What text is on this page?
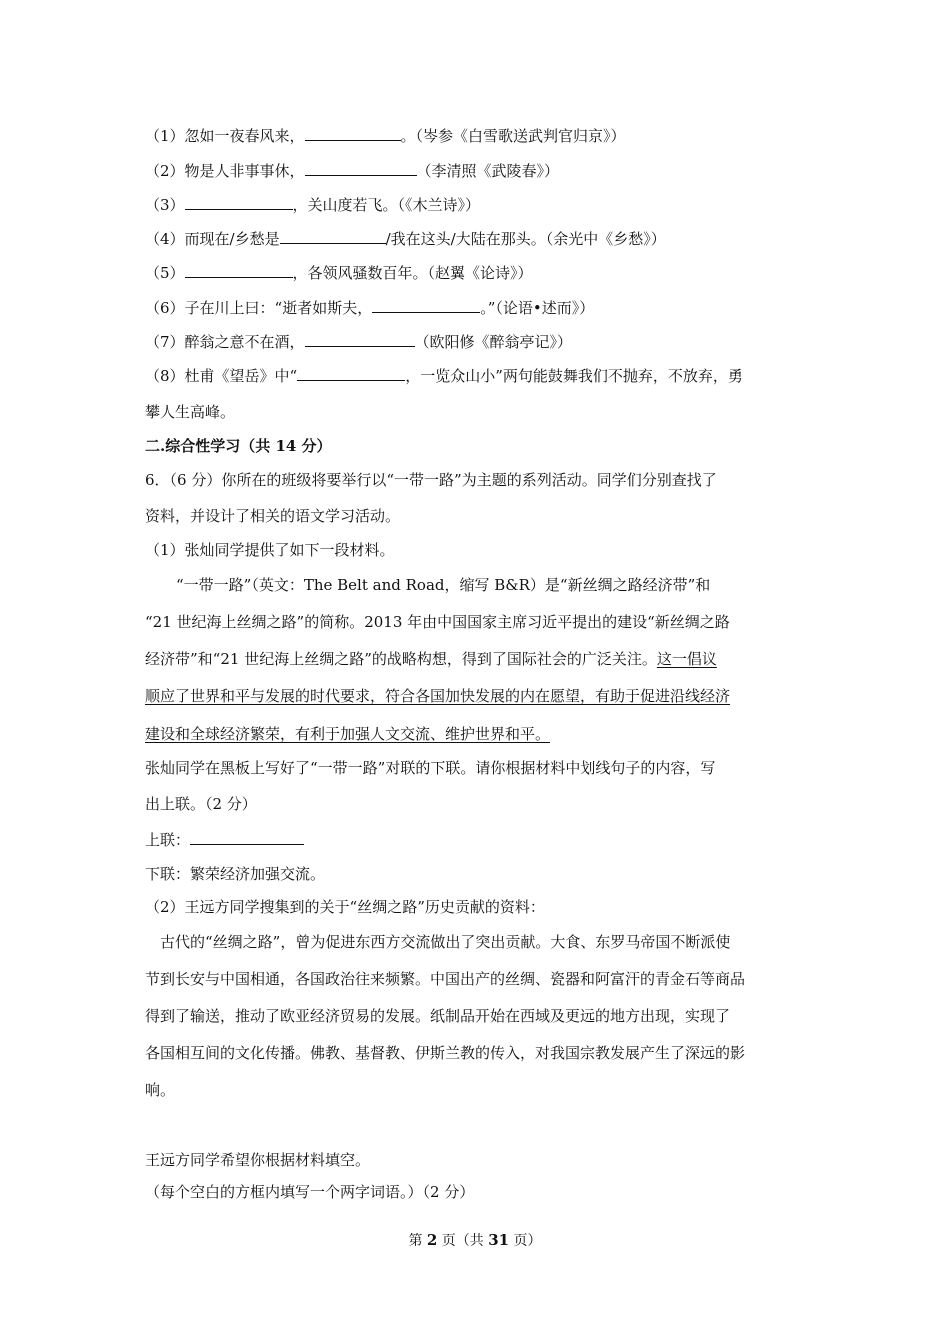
（1）忽如一夜春风来，	。（岑参《白雪歌送武判官归京》）
（2）物是人非事事休，	（李清照《武陵春》）
（3）	，关山度若飞。（《木兰诗》）
（4）而现在/乡愁是	/我在这头/大陆在那头。（余光中《乡愁》）
（5）	，各领风骚数百年。（赵翼《论诗》）
（6）子在川上曰：“逝者如斯夫，	。”（论语•述而》）
（7）醉翁之意不在酒，	（欧阳修《醉翁亭记》）
（8）杜甫《望岳》中“	，一览众山小”两句能鼓舞我们不抛弃，不放弃，勇
攀人生高峰。
二.综合性学习（共 14 分）
6．（6 分）你所在的班级将要举行以“一带一路”为主题的系列活动。同学们分别查找了
资料，并设计了相关的语文学习活动。
（1）张灿同学提供了如下一段材料。
“一带一路”（英文：The Belt and Road，缩写 B&R）是“新丝绸之路经济带”和
“21 世纪海上丝绸之路”的简称。2013 年由中国国家主席习近平提出的建设“新丝绸之路
经济带”和“21 世纪海上丝绸之路”的战略构想，得到了国际社会的广泛关注。这一倡议
顺应了世界和平与发展的时代要求，符合各国加快发展的内在愿望，有助于促进沿线经济
建设和全球经济繁荣，有利于加强人文交流、维护世界和平。
张灿同学在黑板上写好了“一带一路”对联的下联。请你根据材料中划线句子的内容，写
出上联。（2 分）
上联：
下联：繁荣经济加强交流。
（2）王远方同学搜集到的关于“丝绸之路”历史贡献的资料：
古代的“丝绸之路”，曾为促进东西方交流做出了突出贡献。大食、东罗马帝国不断派使
节到长安与中国相通，各国政治往来频繁。中国出产的丝绸、瓷器和阿富汗的青金石等商品
得到了输送，推动了欧亚经济贸易的发展。纸制品开始在西域及更远的地方出现，实现了
各国相互间的文化传播。佛教、基督教、伊斯兰教的传入，对我国宗教发展产生了深远的影
响。
王远方同学希望你根据材料填空。
（每个空白的方框内填写一个两字词语。）（2 分）
第 2 页（共 31 页）
